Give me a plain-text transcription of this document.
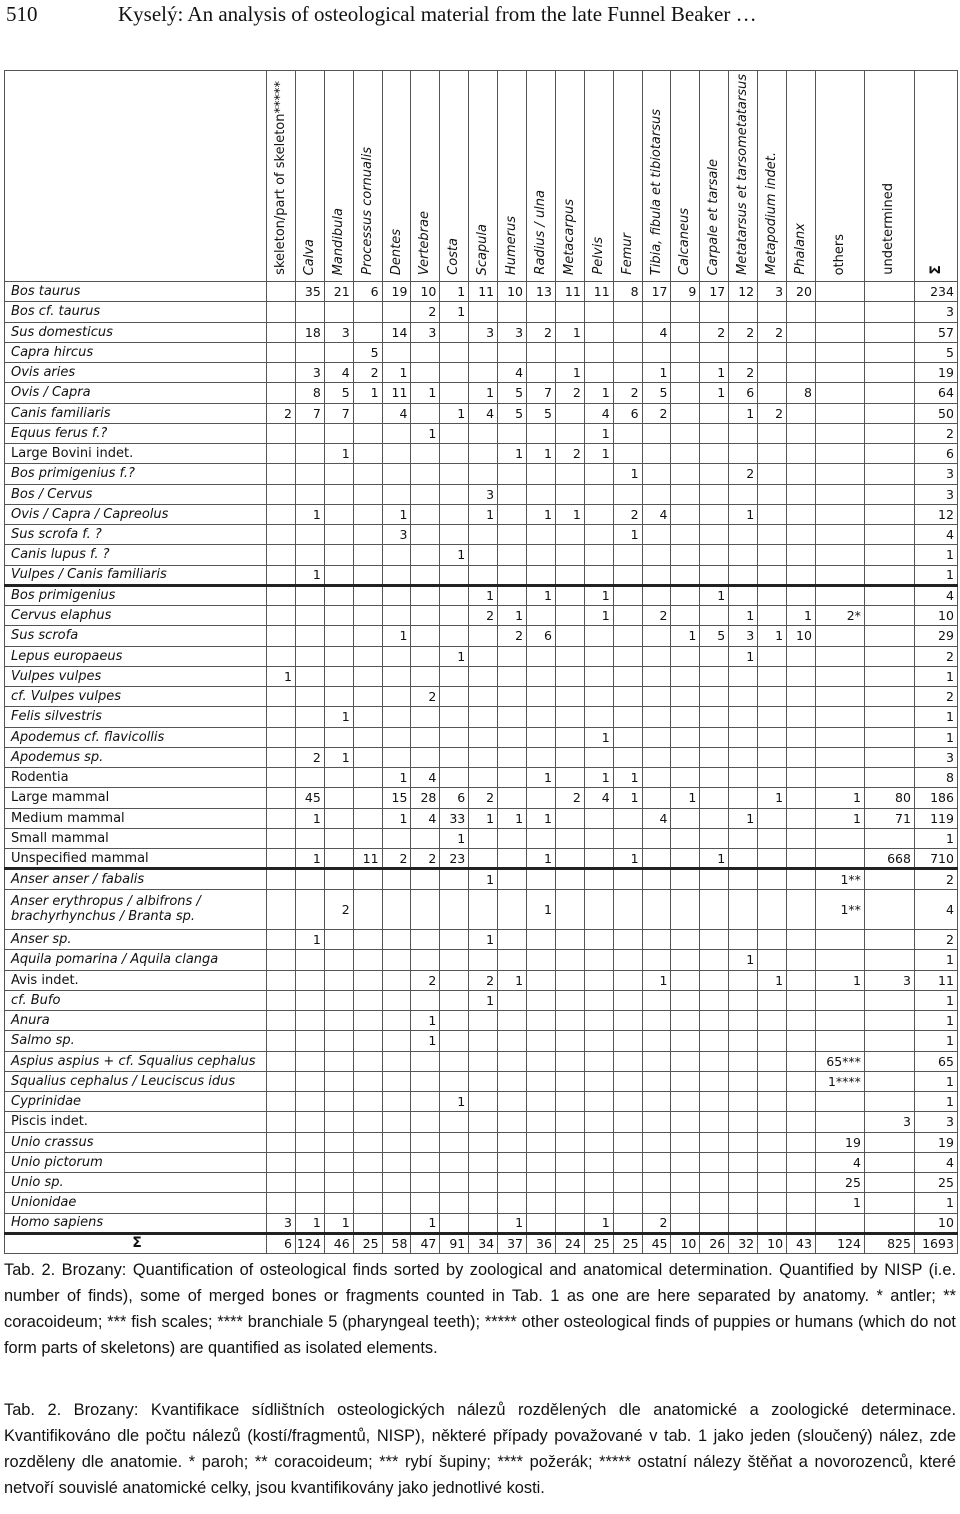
510	Kyselý: An analysis of osteological material from the late Funnel Beaker …

	skeleton/part of skeleton*****	Calva	Mandibula	Processus cornualis	Dentes	Vertebrae	Costa	Scapula	Humerus	Radius / ulna	Metacarpus	Pelvis	Femur	Tibia, fibula et tibiotarsus	Calcaneus	Carpale et tarsale	Metatarsus et tarsometatarsus	Metapodium indet.	Phalanx	others	undetermined	Σ

Bos taurus		35	21	6	19	10	1	11	10	13	11	11	8	17	9	17	12	3	20			234
Bos cf. taurus						2	1															3
Sus domesticus		18	3		14	3		3	3	2	1			4		2	2	2				57
Capra hircus				5																		5
Ovis aries		3	4	2	1				4		1			1		1	2					19
Ovis / Capra		8	5	1	11	1		1	5	7	2	1	2	5		1	6		8			64
Canis familiaris	2	7	7		4		1	4	5	5		4	6	2			1	2				50
Equus ferus f.?						1						1										2
Large Bovini indet.			1						1	1	2	1										6
Bos primigenius f.?													1				2					3
Bos / Cervus								3														3
Ovis / Capra / Capreolus		1			1			1		1	1		2	4			1					12
Sus scrofa f. ?					3								1									4
Canis lupus f. ?							1															1
Vulpes / Canis familiaris		1																				1
Bos primigenius								1		1		1				1						4
Cervus elaphus								2	1			1		2			1		1	2*		10
Sus scrofa					1				2	6					1	5	3	1	10			29
Lepus europaeus							1										1					2
Vulpes vulpes	1																					1
cf. Vulpes vulpes						2																2
Felis silvestris			1																			1
Apodemus cf. flavicollis												1										1
Apodemus sp.		2	1																			3
Rodentia					1	4				1		1	1									8
Large mammal		45			15	28	6	2			2	4	1		1			1		1	80	186
Medium mammal		1			1	4	33	1	1	1				4			1			1	71	119
Small mammal							1															1
Unspecified mammal		1		11	2	2	23			1			1			1					668	710
Anser anser / fabalis								1												1**		2
Anser erythropus / albifrons / brachyrhynchus / Branta sp.			2							1										1**		4
Anser sp.		1						1														2
Aquila pomarina / Aquila clanga																	1					1
Avis indet.						2		2	1					1				1		1	3	11
cf. Bufo								1														1
Anura						1																1
Salmo sp.						1																1
Aspius aspius + cf. Squalius cephalus																				65***		65
Squalius cephalus / Leuciscus idus																				1****		1
Cyprinidae							1															1
Piscis indet.																					3	3
Unio crassus																				19		19
Unio pictorum																				4		4
Unio sp.																				25		25
Unionidae																				1		1
Homo sapiens	3	1	1			1			1			1		2								10
Σ	6	124	46	25	58	47	91	34	37	36	24	25	25	45	10	26	32	10	43	124	825	1693

Tab. 2. Brozany: Quantification of osteological finds sorted by zoological and anatomical determination. Quantified by NISP (i.e. number of finds), some of merged bones or fragments counted in Tab. 1 as one are here separated by anatomy. * antler; ** coracoideum; *** fish scales; **** branchiale 5 (pharyngeal teeth); ***** other osteological finds of puppies or humans (which do not form parts of skeletons) are quantified as isolated elements.

Tab. 2. Brozany: Kvantifikace sídlištních osteologických nálezů rozdělených dle anatomické a zoologické determinace. Kvantifikováno dle počtu nálezů (kostí/fragmentů, NISP), některé případy považované v tab. 1 jako jeden (sloučený) nález, zde rozděleny dle anatomie. * paroh; ** coracoideum; *** rybí šupiny; **** požerák; ***** ostatní nálezy štěňat a novorozenců, které netvoří souvislé anatomické celky, jsou kvantifikovány jako jednotlivé kosti.
